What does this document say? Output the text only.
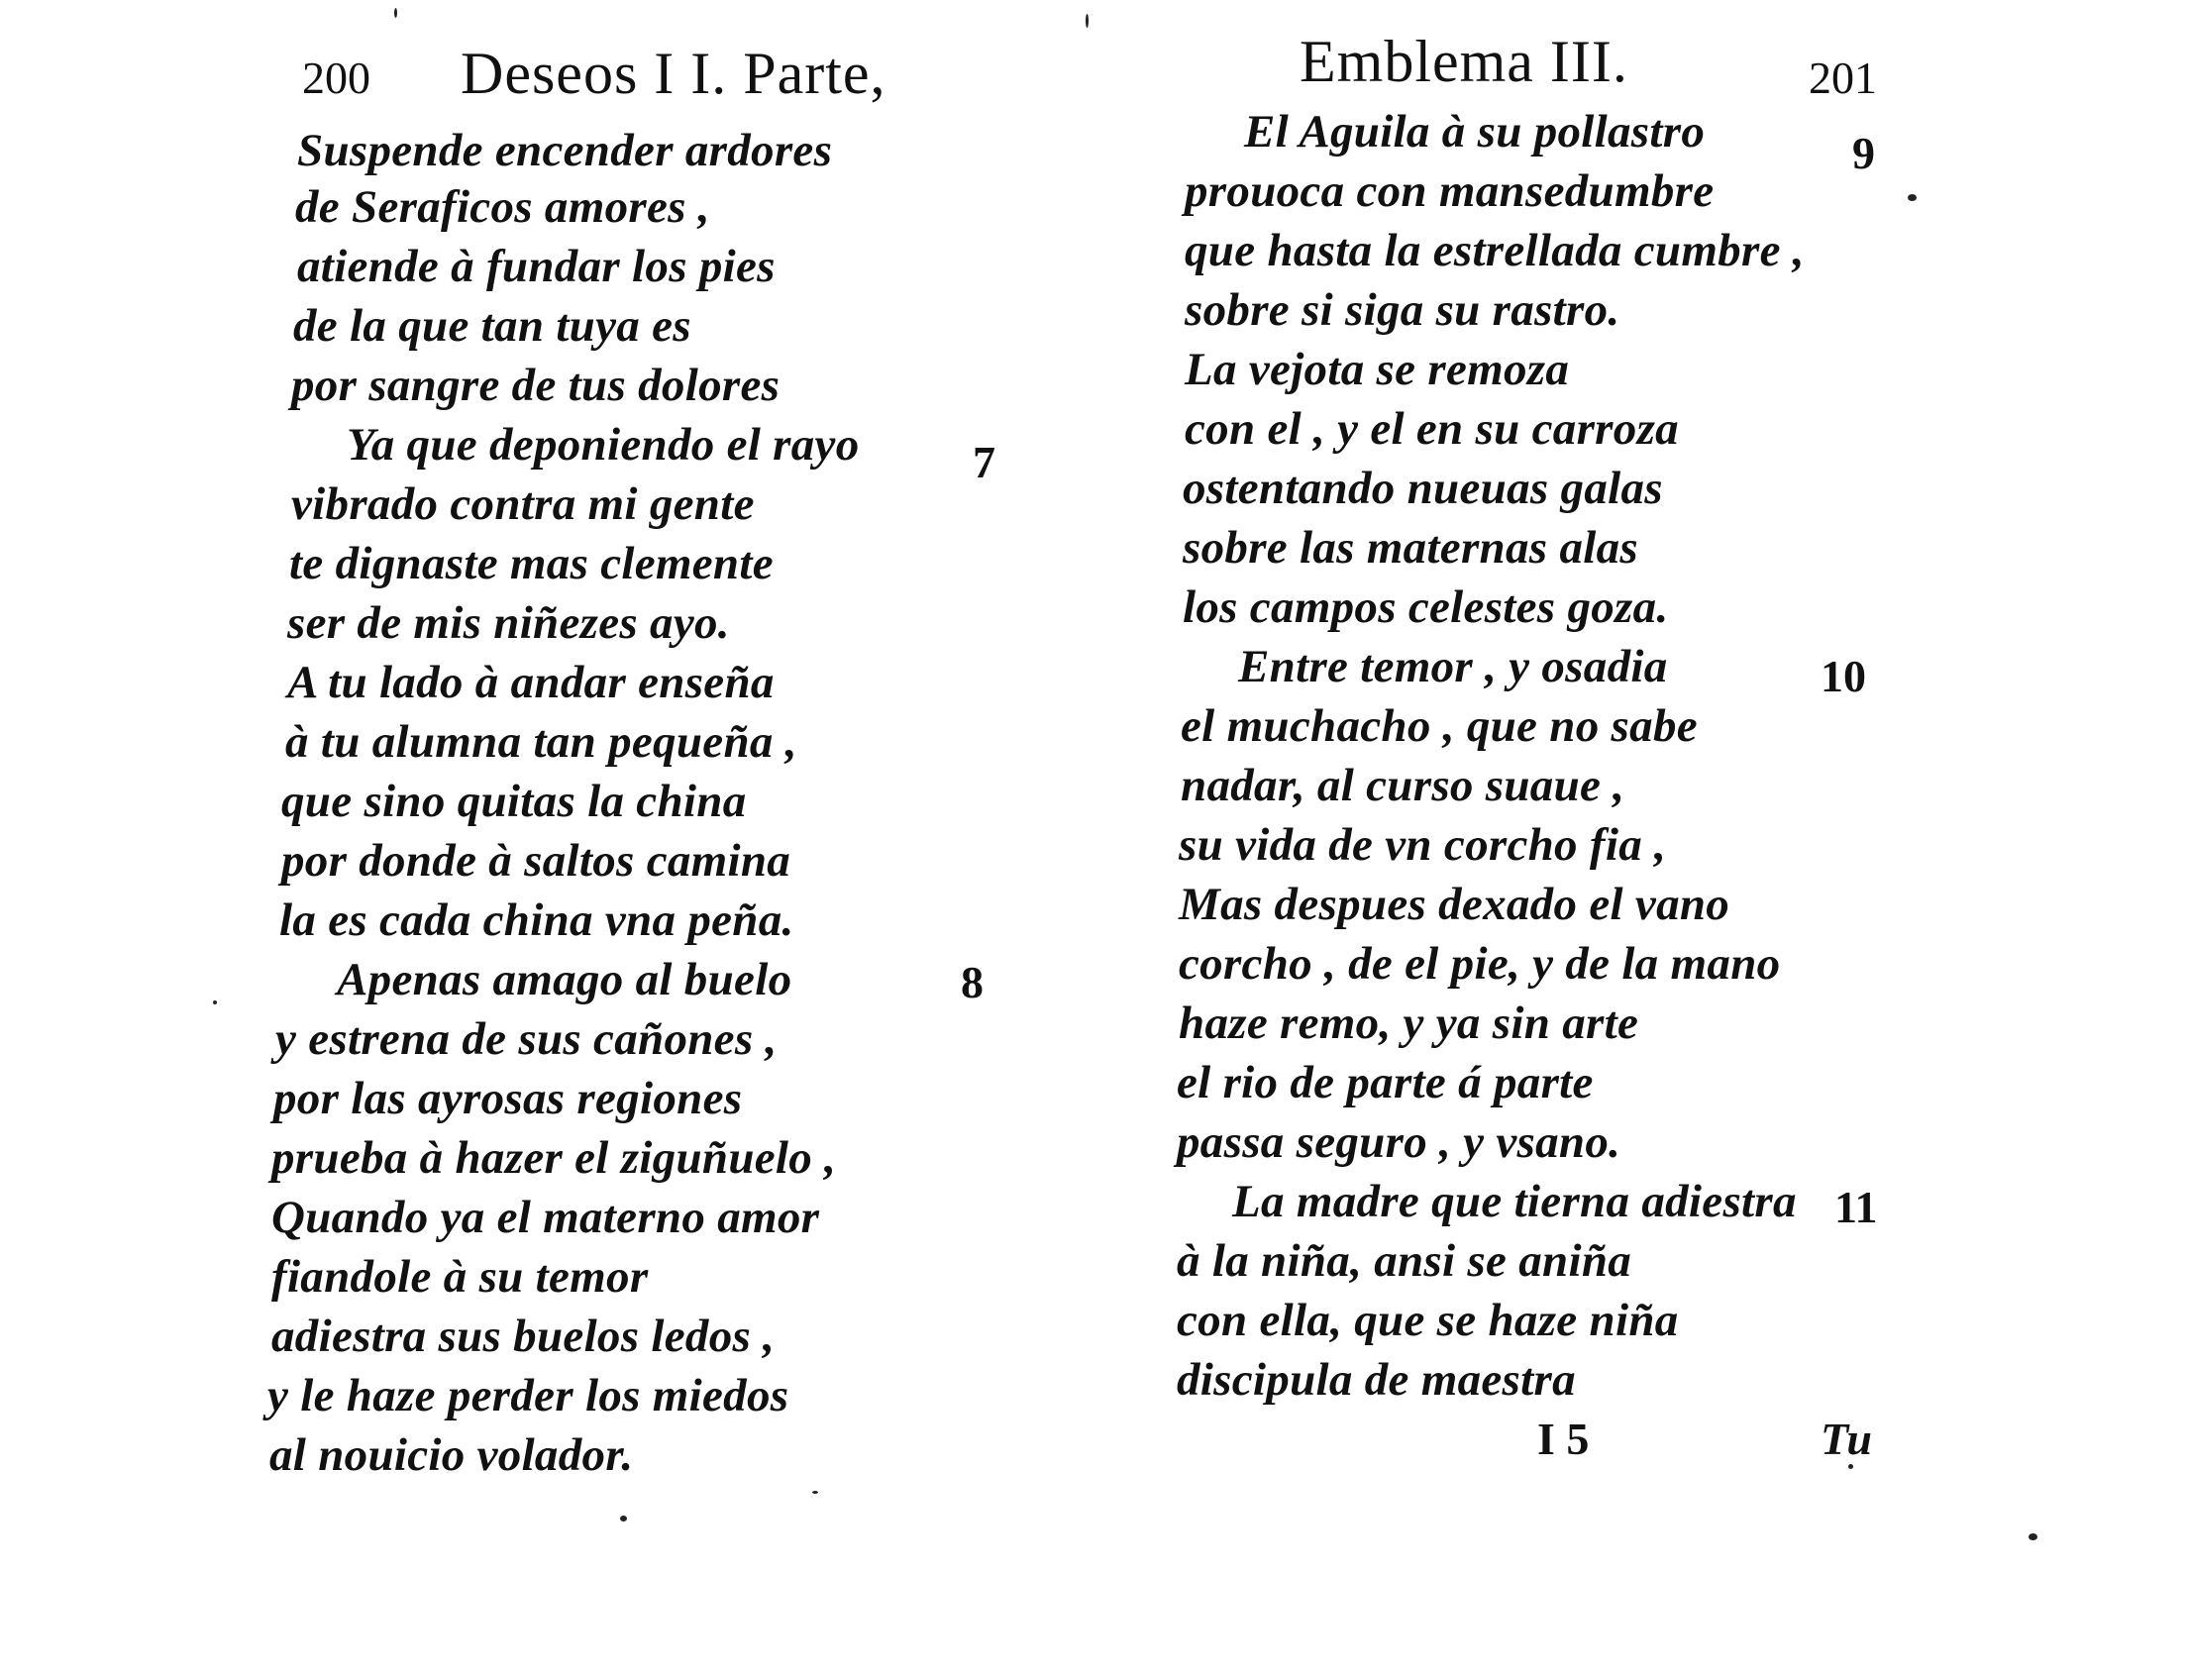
200 Deseos I I. Parte,
Suspende encender ardores
de Seraficos amores ,
atiende à fundar los pies
de la que tan tuya es
por sangre de tus dolores
Ya que deponiendo el rayo 7
vibrado contra mi gente
te dignaste mas clemente
ser de mis niñezes ayo.
A tu lado à andar enseña
à tu alumna tan pequeña ,
que sino quitas la china
por donde à saltos camina
la es cada china vna peña.
Apenas amago al buelo	8
y estrena de sus cañones ,
por las ayrosas regiones
prueba à hazer el ziguñuelo ,
Quando ya el materno amor
fiandole à su temor
adiestra sus buelos ledos ,
y le haze perder los miedos
al nouicio volador.
Emblema III.	201
El Aguila à su pollastro	9
prouoca con mansedumbre
que hasta la estrellada cumbre ,
sobre si siga su rastro.
La vejota se remoza
con el , y el en su carroza
ostentando nueuas galas
sobre las maternas alas
los campos celestes goza.
Entre temor , y osadia	10
el muchacho , que no sabe
nadar, al curso suaue ,
su vida de vn corcho fia ,
Mas despues dexado el vano
corcho , de el pie, y de la mano
haze remo, y ya sin arte
el rio de parte á parte
passa seguro , y vsano.
La madre que tierna adiestra 11
à la niña, ansi se aniña
con ella, que se haze niña
discipula de maestra
I 5	Tu
